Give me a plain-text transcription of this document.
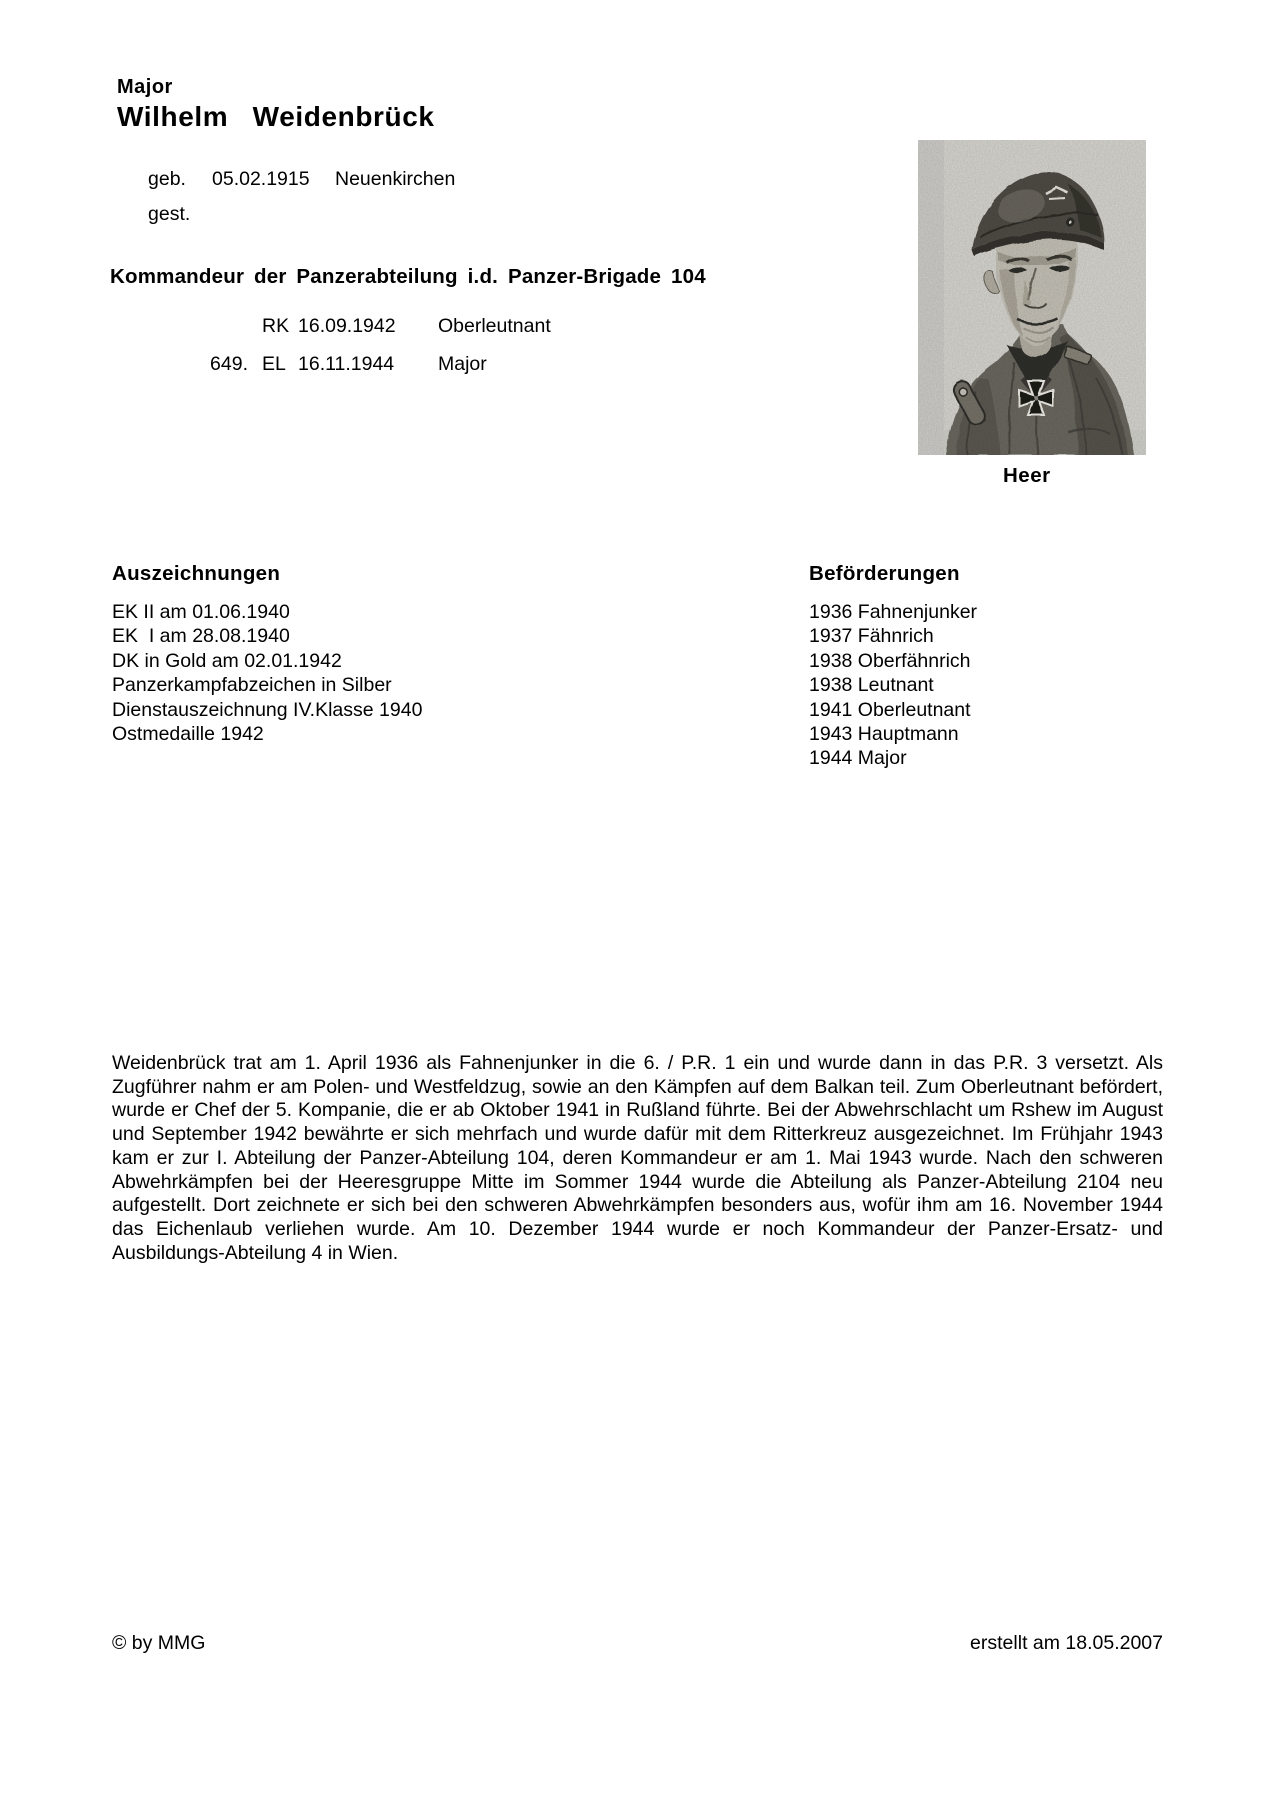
Major
Wilhelm Weidenbrück
geb.	05.02.1915	Neuenkirchen
gest.
Kommandeur der Panzerabteilung i.d. Panzer-Brigade 104
RK 16.09.1942	Oberleutnant
649. EL 16.11.1944	Major
Heer
Auszeichnungen
EK II am 01.06.1940
EK  I am 28.08.1940
DK in Gold am 02.01.1942
Panzerkampfabzeichen in Silber
Dienstauszeichnung IV.Klasse 1940
Ostmedaille 1942
Beförderungen
1936 Fahnenjunker
1937 Fähnrich
1938 Oberfähnrich
1938 Leutnant
1941 Oberleutnant
1943 Hauptmann
1944 Major

Weidenbrück trat am 1. April 1936 als Fahnenjunker in die 6. / P.R. 1 ein und wurde dann in das P.R. 3 versetzt. Als Zugführer nahm er am Polen- und Westfeldzug, sowie an den Kämpfen auf dem Balkan teil. Zum Oberleutnant befördert, wurde er Chef der 5. Kompanie, die er ab Oktober 1941 in Rußland führte. Bei der Abwehrschlacht um Rshew im August und September 1942 bewährte er sich mehrfach und wurde dafür mit dem Ritterkreuz ausgezeichnet. Im Frühjahr 1943 kam er zur I. Abteilung der Panzer-Abteilung 104, deren Kommandeur er am 1. Mai 1943 wurde. Nach den schweren Abwehrkämpfen bei der Heeresgruppe Mitte im Sommer 1944 wurde die Abteilung als Panzer-Abteilung 2104 neu aufgestellt. Dort zeichnete er sich bei den schweren Abwehrkämpfen besonders aus, wofür ihm am 16. November 1944 das Eichenlaub verliehen wurde. Am 10. Dezember 1944 wurde er noch Kommandeur der Panzer-Ersatz- und Ausbildungs-Abteilung 4 in Wien.

© by MMG	erstellt am 18.05.2007
